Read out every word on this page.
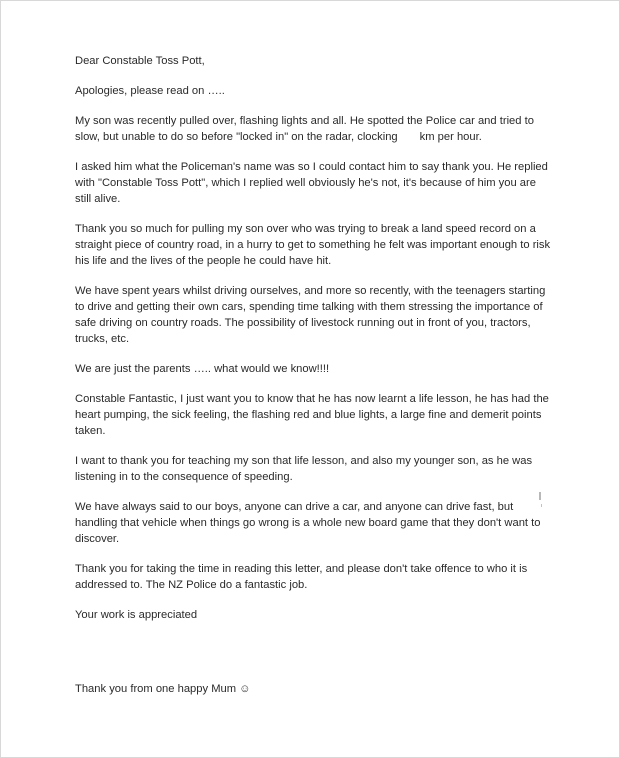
Dear Constable Toss Pott,

Apologies, please read on …..

My son was recently pulled over, flashing lights and all. He spotted the Police car and tried to slow, but unable to do so before "locked in" on the radar, clocking km per hour.

I asked him what the Policeman's name was so I could contact him to say thank you. He replied with "Constable Toss Pott", which I replied well obviously he's not, it's because of him you are still alive.

Thank you so much for pulling my son over who was trying to break a land speed record on a straight piece of country road, in a hurry to get to something he felt was important enough to risk his life and the lives of the people he could have hit.

We have spent years whilst driving ourselves, and more so recently, with the teenagers starting to drive and getting their own cars, spending time talking with them stressing the importance of safe driving on country roads. The possibility of livestock running out in front of you, tractors, trucks, etc.

We are just the parents ….. what would we know!!!!

Constable Fantastic, I just want you to know that he has now learnt a life lesson, he has had the heart pumping, the sick feeling, the flashing red and blue lights, a large fine and demerit points taken.

I want to thank you for teaching my son that life lesson, and also my younger son, as he was listening in to the consequence of speeding.

We have always said to our boys, anyone can drive a car, and anyone can drive fast, but handling that vehicle when things go wrong is a whole new board game that they don't want to discover.

Thank you for taking the time in reading this letter, and please don't take offence to who it is addressed to. The NZ Police do a fantastic job.

Your work is appreciated

Thank you from one happy Mum ☺
